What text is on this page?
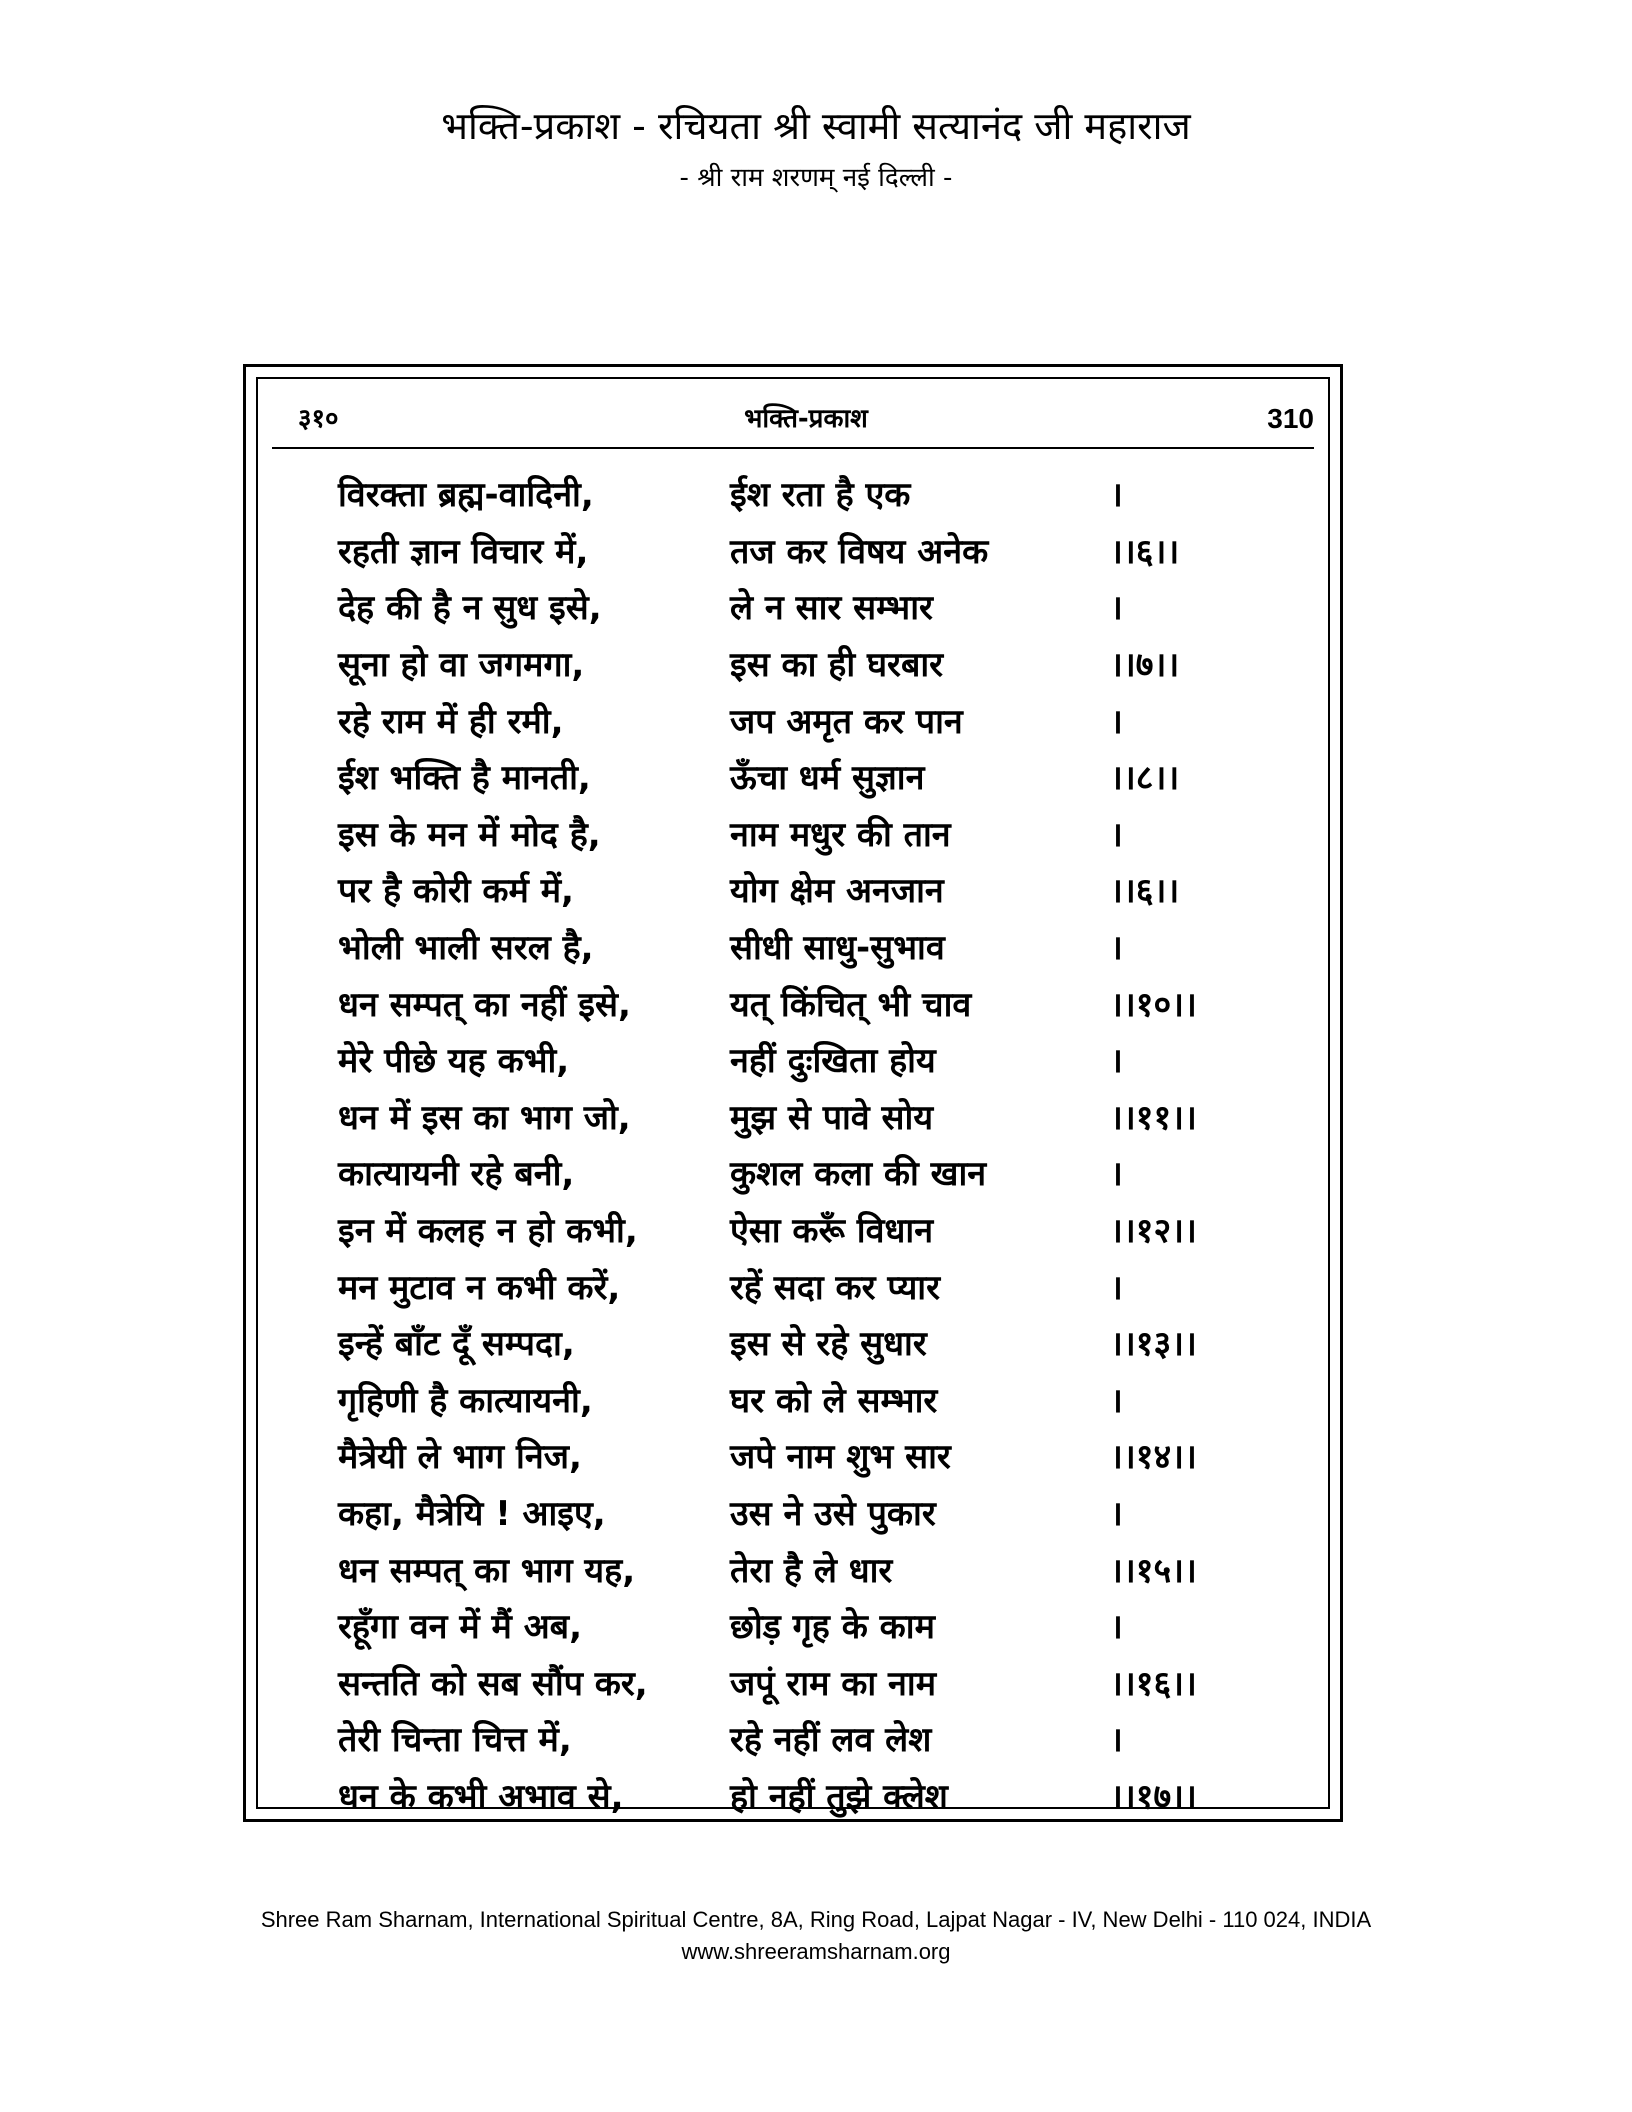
भक्ति-प्रकाश - रचियता श्री स्वामी सत्यानंद जी महाराज
- श्री राम शरणम् नई दिल्ली -
३१०	भक्ति-प्रकाश	310
विरक्ता ब्रह्म-वादिनी,	ईश रता है एक	।
रहती ज्ञान विचार में,	तज कर विषय अनेक	।।६।।
देह की है न सुध इसे,	ले न सार सम्भार	।
सूना हो वा जगमगा,	इस का ही घरबार	।।७।।
रहे राम में ही रमी,	जप अमृत कर पान	।
ईश भक्ति है मानती,	ऊँचा धर्म सुज्ञान	।।८।।
इस के मन में मोद है,	नाम मधुर की तान	।
पर है कोरी कर्म में,	योग क्षेम अनजान	।।६।।
भोली भाली सरल है,	सीधी साधु-सुभाव	।
धन सम्पत् का नहीं इसे,	यत् किंचित् भी चाव	।।१०।।
मेरे पीछे यह कभी,	नहीं दुःखिता होय	।
धन में इस का भाग जो,	मुझ से पावे सोय	।।११।।
कात्यायनी रहे बनी,	कुशल कला की खान	।
इन में कलह न हो कभी,	ऐसा करूँ विधान	।।१२।।
मन मुटाव न कभी करें,	रहें सदा कर प्यार	।
इन्हें बाँट दूँ सम्पदा,	इस से रहे सुधार	।।१३।।
गृहिणी है कात्यायनी,	घर को ले सम्भार	।
मैत्रेयी ले भाग निज,	जपे नाम शुभ सार	।।१४।।
कहा, मैत्रेयि ! आइए,	उस ने उसे पुकार	।
धन सम्पत् का भाग यह,	तेरा है ले धार	।।१५।।
रहूँगा वन में मैं अब,	छोड़ गृह के काम	।
सन्तति को सब सौंप कर,	जपूं राम का नाम	।।१६।।
तेरी चिन्ता चित्त में,	रहे नहीं लव लेश	।
धन के कभी अभाव से,	हो नहीं तुझे क्लेश	।।१७।।
Shree Ram Sharnam, International Spiritual Centre, 8A, Ring Road, Lajpat Nagar - IV, New Delhi - 110 024, INDIA
www.shreeramsharnam.org
